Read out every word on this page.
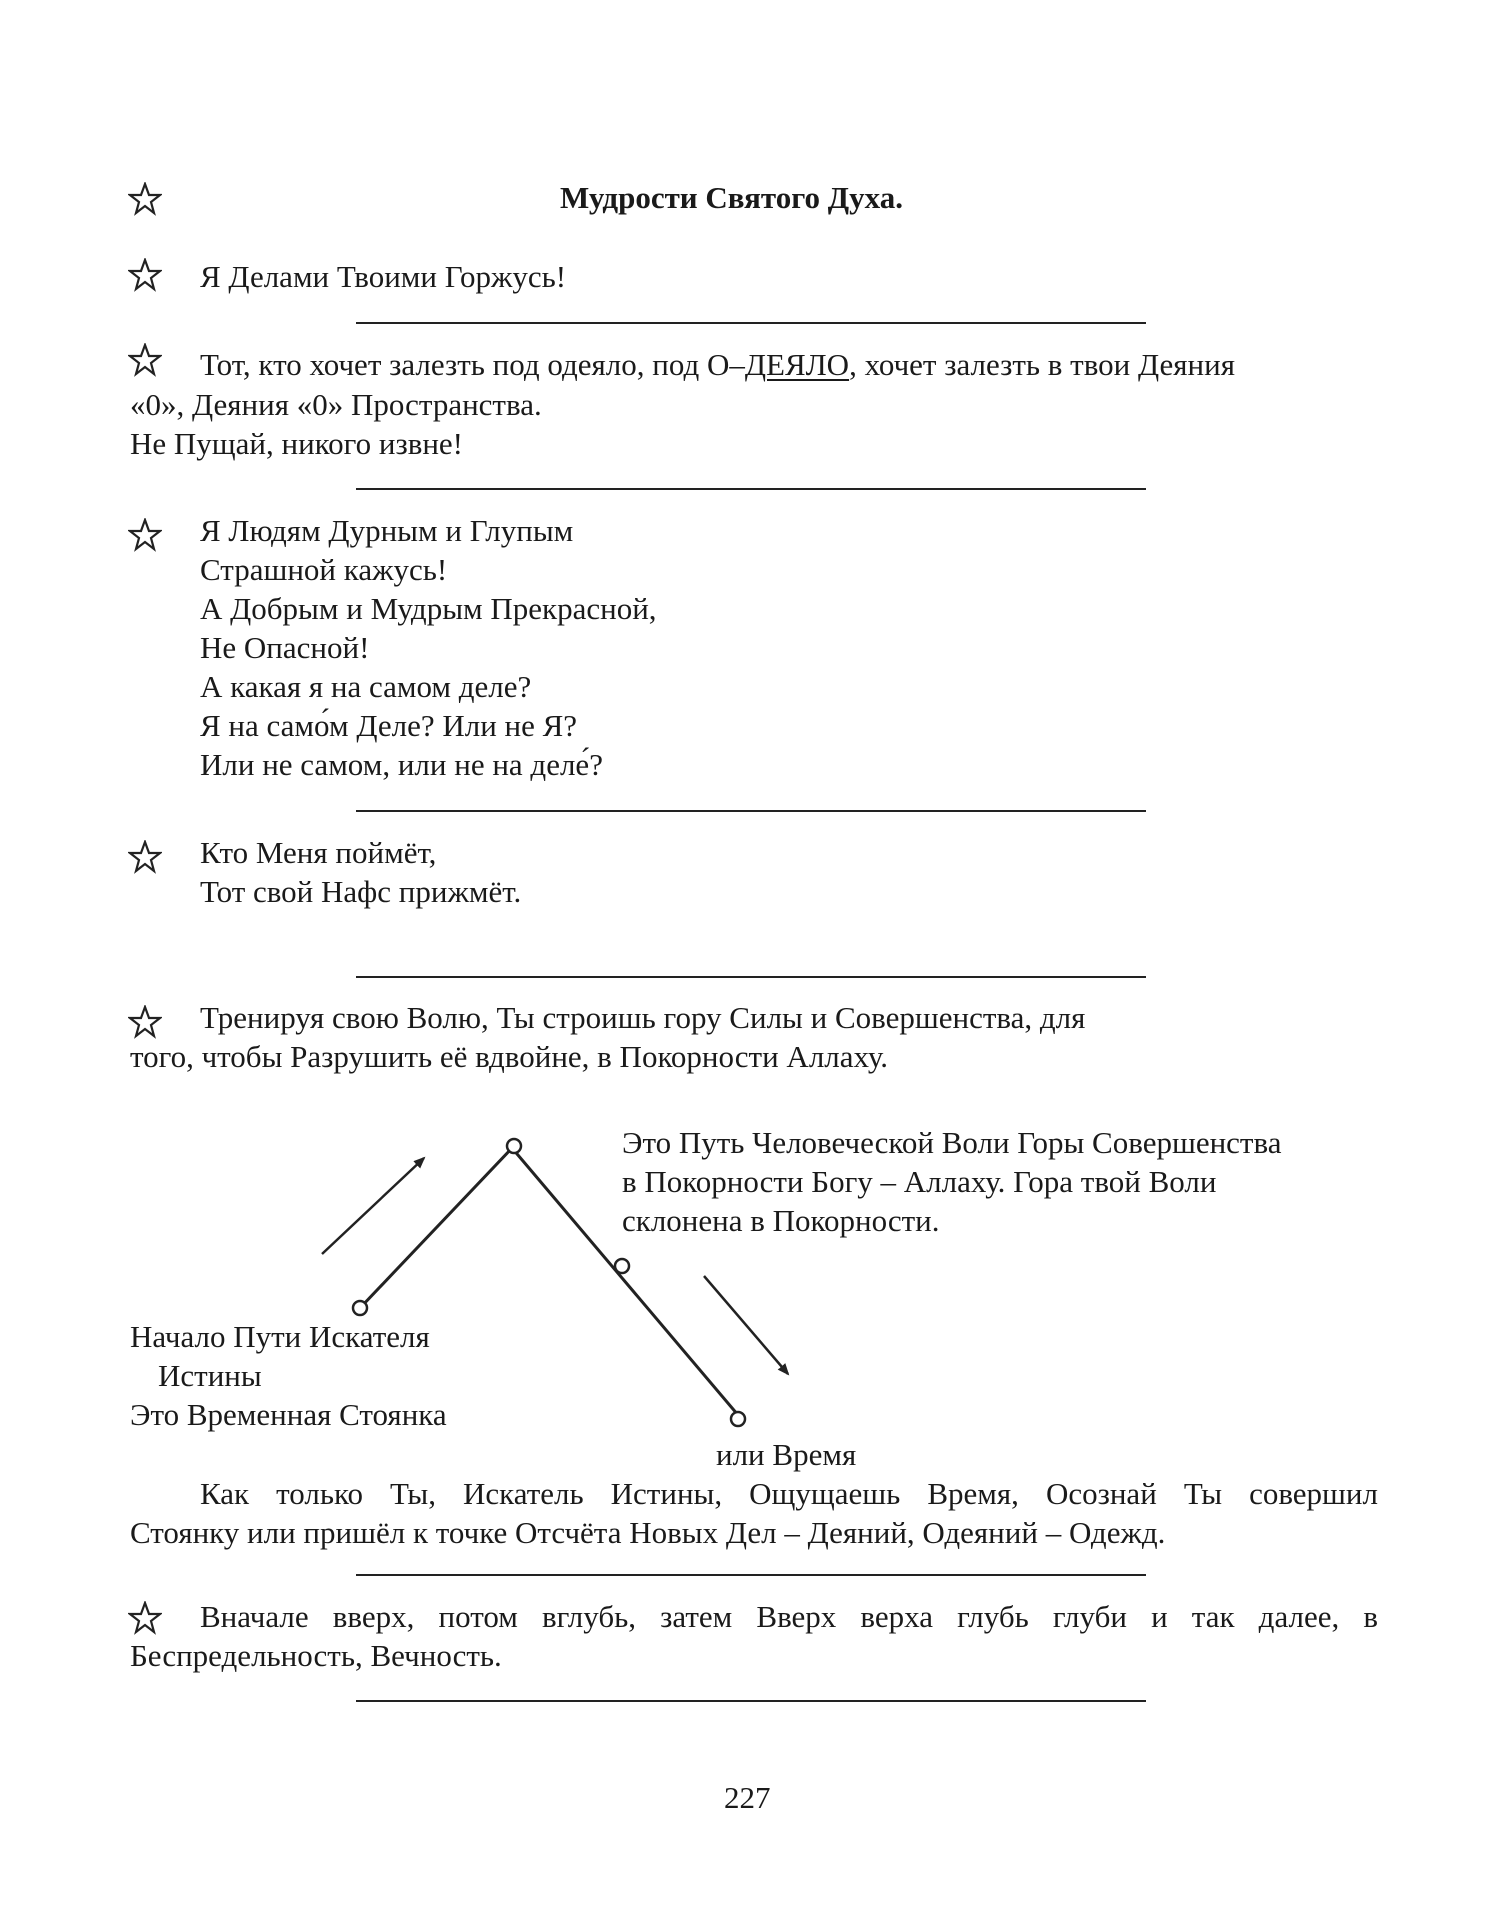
Мудрости Святого Духа.
Я Делами Твоими Горжусь!
Тот, кто хочет залезть под одеяло, под О–ДЕЯЛО, хочет залезть в твои Деяния
«0», Деяния «0» Пространства.
Не Пущай, никого извне!
Я Людям Дурным и Глупым
Страшной кажусь!
А Добрым и Мудрым Прекрасной,
Не Опасной!
А какая я на самом деле?
Я на само́м Деле? Или не Я?
Или не самом, или не на деле́?
Кто Меня поймёт,
Тот свой Нафс прижмёт.
Тренируя свою Волю, Ты строишь гору Силы и Совершенства, для
того, чтобы Разрушить её вдвойне, в Покорности Аллаху.
Это Путь Человеческой Воли Горы Совершенства
в Покорности Богу – Аллаху. Гора твой Воли
склонена в Покорности.
Начало Пути Искателя
Истины
Это Временная Стоянка
или Время
Как только Ты, Искатель Истины, Ощущаешь Время, Осознай Ты совершил
Стоянку или пришёл к точке Отсчёта Новых Дел – Деяний, Одеяний – Одежд.
Вначале вверх, потом вглубь, затем Вверх верха глубь глуби и так далее, в
Беспредельность, Вечность.
227
